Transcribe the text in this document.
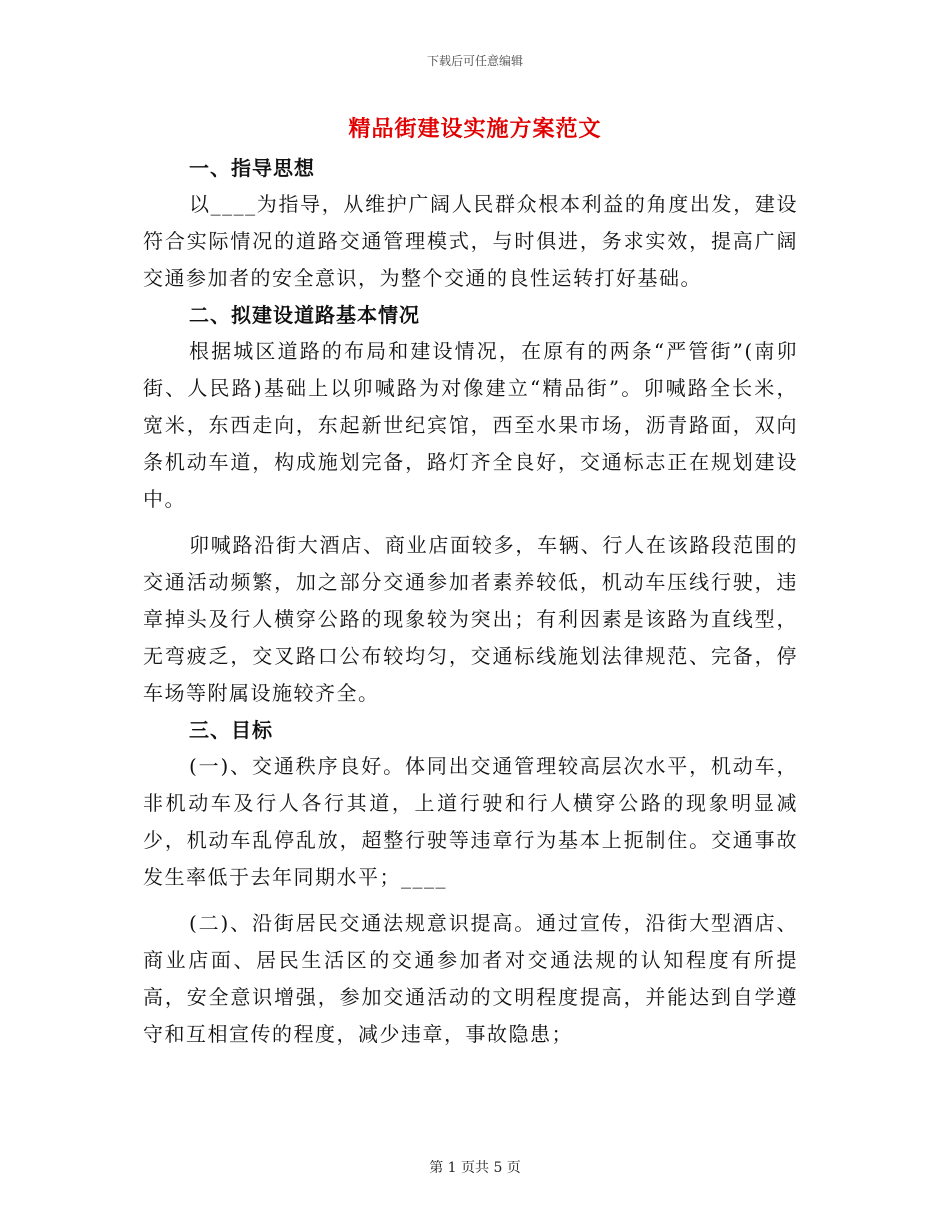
下载后可任意编辑
精品街建设实施方案范文

一、指导思想

以____为指导，从维护广阔人民群众根本利益的角度出发，建设符合实际情况的道路交通管理模式，与时俱进，务求实效，提高广阔交通参加者的安全意识，为整个交通的良性运转打好基础。

二、拟建设道路基本情况

根据城区道路的布局和建设情况，在原有的两条“严管街”(南卯街、人民路)基础上以卯喊路为对像建立“精品街”。卯喊路全长米，宽米，东西走向，东起新世纪宾馆，西至水果市场，沥青路面，双向条机动车道，构成施划完备，路灯齐全良好，交通标志正在规划建设中。

卯喊路沿街大酒店、商业店面较多，车辆、行人在该路段范围的交通活动频繁，加之部分交通参加者素养较低，机动车压线行驶，违章掉头及行人横穿公路的现象较为突出；有利因素是该路为直线型，无弯疲乏，交叉路口公布较均匀，交通标线施划法律规范、完备，停车场等附属设施较齐全。

三、目标

(一)、交通秩序良好。体同出交通管理较高层次水平，机动车，非机动车及行人各行其道，上道行驶和行人横穿公路的现象明显减少，机动车乱停乱放，超整行驶等违章行为基本上扼制住。交通事故发生率低于去年同期水平；____

(二)、沿街居民交通法规意识提高。通过宣传，沿街大型酒店、商业店面、居民生活区的交通参加者对交通法规的认知程度有所提高，安全意识增强，参加交通活动的文明程度提高，并能达到自学遵守和互相宣传的程度，减少违章，事故隐患；

第 1 页共 5 页
